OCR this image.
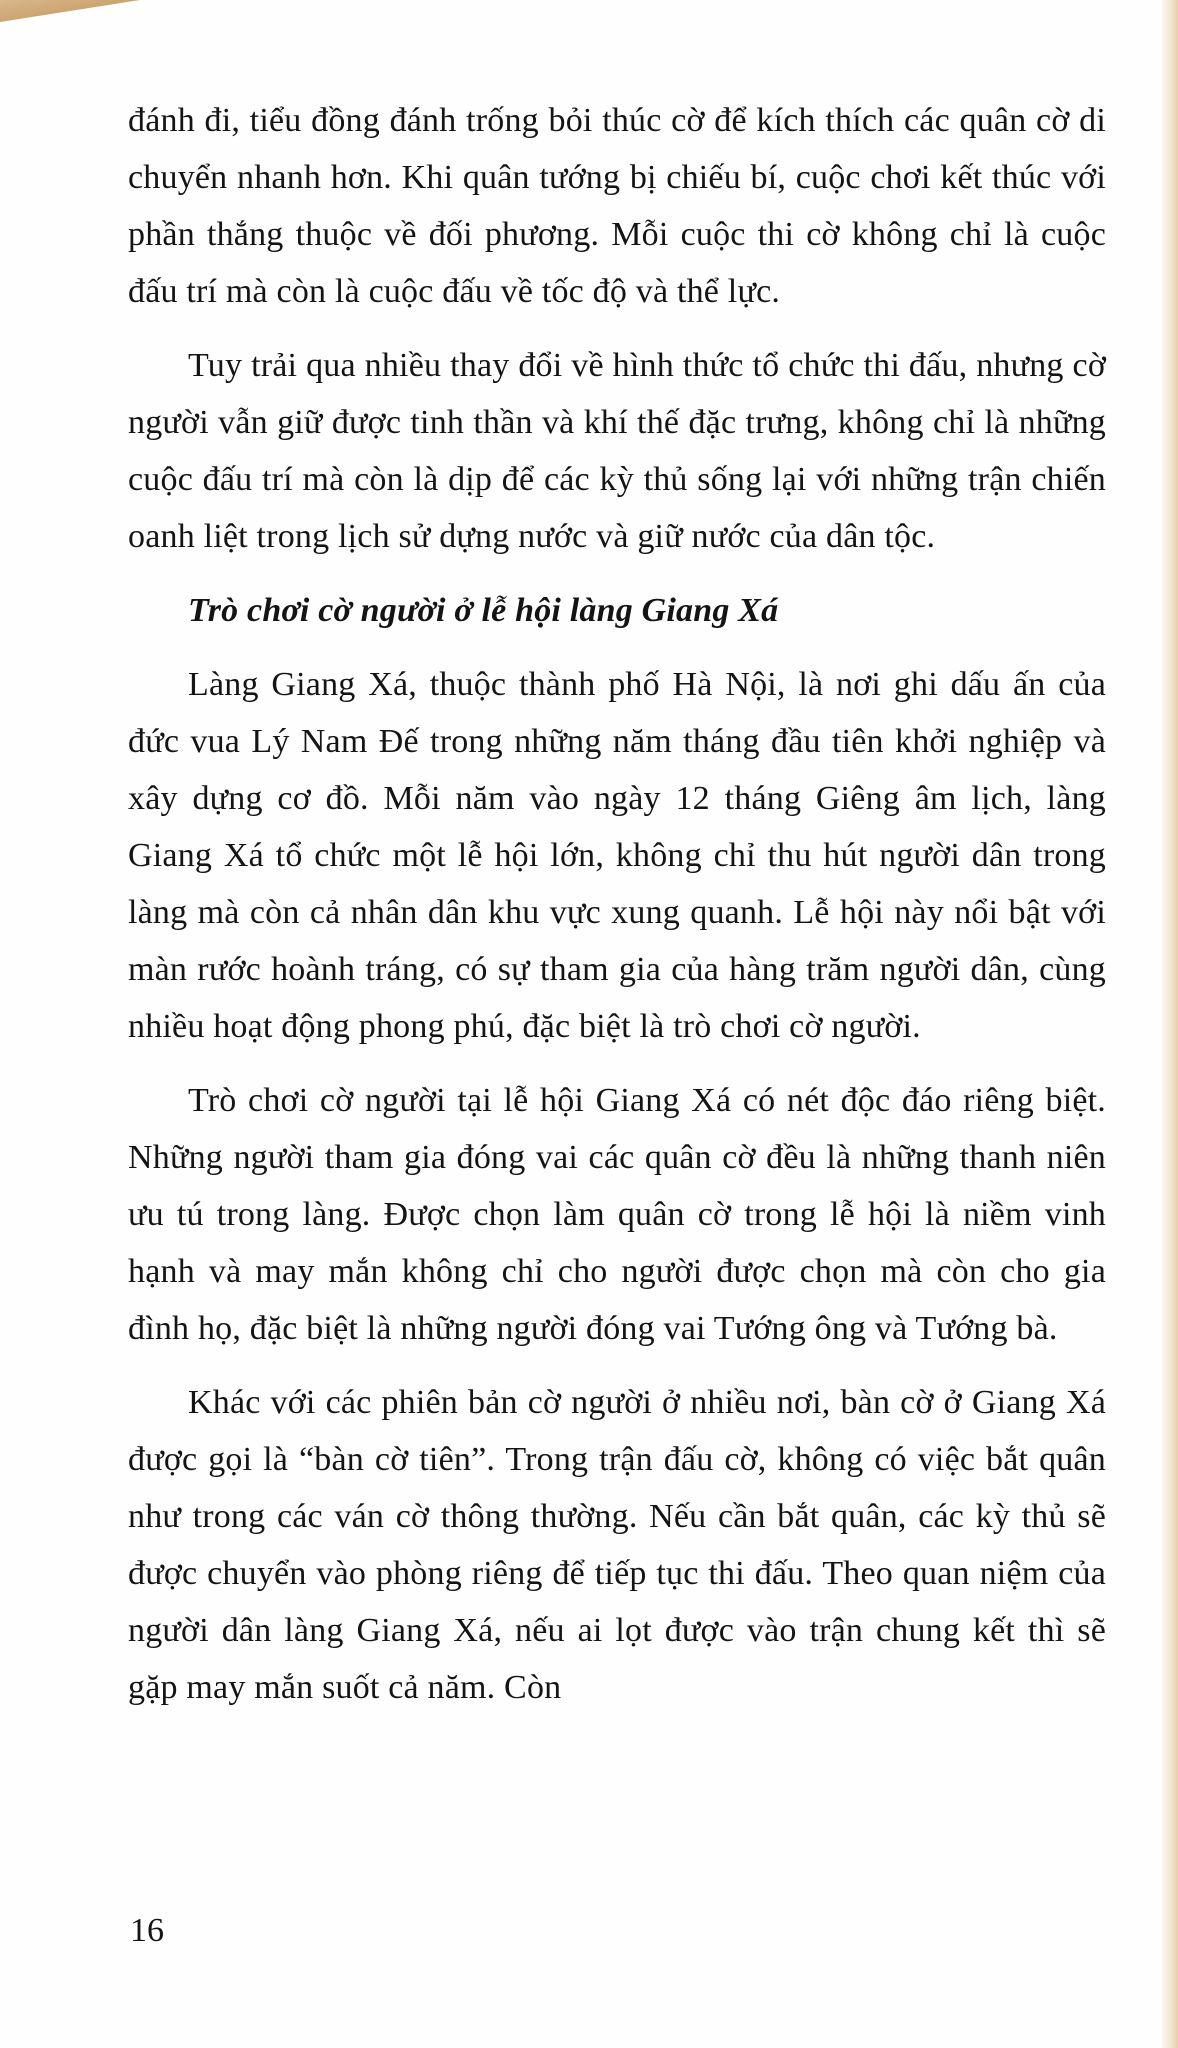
đánh đi, tiểu đồng đánh trống bỏi thúc cờ để kích thích các quân cờ di chuyển nhanh hơn. Khi quân tướng bị chiếu bí, cuộc chơi kết thúc với phần thắng thuộc về đối phương. Mỗi cuộc thi cờ không chỉ là cuộc đấu trí mà còn là cuộc đấu về tốc độ và thể lực.

Tuy trải qua nhiều thay đổi về hình thức tổ chức thi đấu, nhưng cờ người vẫn giữ được tinh thần và khí thế đặc trưng, không chỉ là những cuộc đấu trí mà còn là dịp để các kỳ thủ sống lại với những trận chiến oanh liệt trong lịch sử dựng nước và giữ nước của dân tộc.

Trò chơi cờ người ở lễ hội làng Giang Xá

Làng Giang Xá, thuộc thành phố Hà Nội, là nơi ghi dấu ấn của đức vua Lý Nam Đế trong những năm tháng đầu tiên khởi nghiệp và xây dựng cơ đồ. Mỗi năm vào ngày 12 tháng Giêng âm lịch, làng Giang Xá tổ chức một lễ hội lớn, không chỉ thu hút người dân trong làng mà còn cả nhân dân khu vực xung quanh. Lễ hội này nổi bật với màn rước hoành tráng, có sự tham gia của hàng trăm người dân, cùng nhiều hoạt động phong phú, đặc biệt là trò chơi cờ người.

Trò chơi cờ người tại lễ hội Giang Xá có nét độc đáo riêng biệt. Những người tham gia đóng vai các quân cờ đều là những thanh niên ưu tú trong làng. Được chọn làm quân cờ trong lễ hội là niềm vinh hạnh và may mắn không chỉ cho người được chọn mà còn cho gia đình họ, đặc biệt là những người đóng vai Tướng ông và Tướng bà.

Khác với các phiên bản cờ người ở nhiều nơi, bàn cờ ở Giang Xá được gọi là “bàn cờ tiên”. Trong trận đấu cờ, không có việc bắt quân như trong các ván cờ thông thường. Nếu cần bắt quân, các kỳ thủ sẽ được chuyển vào phòng riêng để tiếp tục thi đấu. Theo quan niệm của người dân làng Giang Xá, nếu ai lọt được vào trận chung kết thì sẽ gặp may mắn suốt cả năm. Còn

16
